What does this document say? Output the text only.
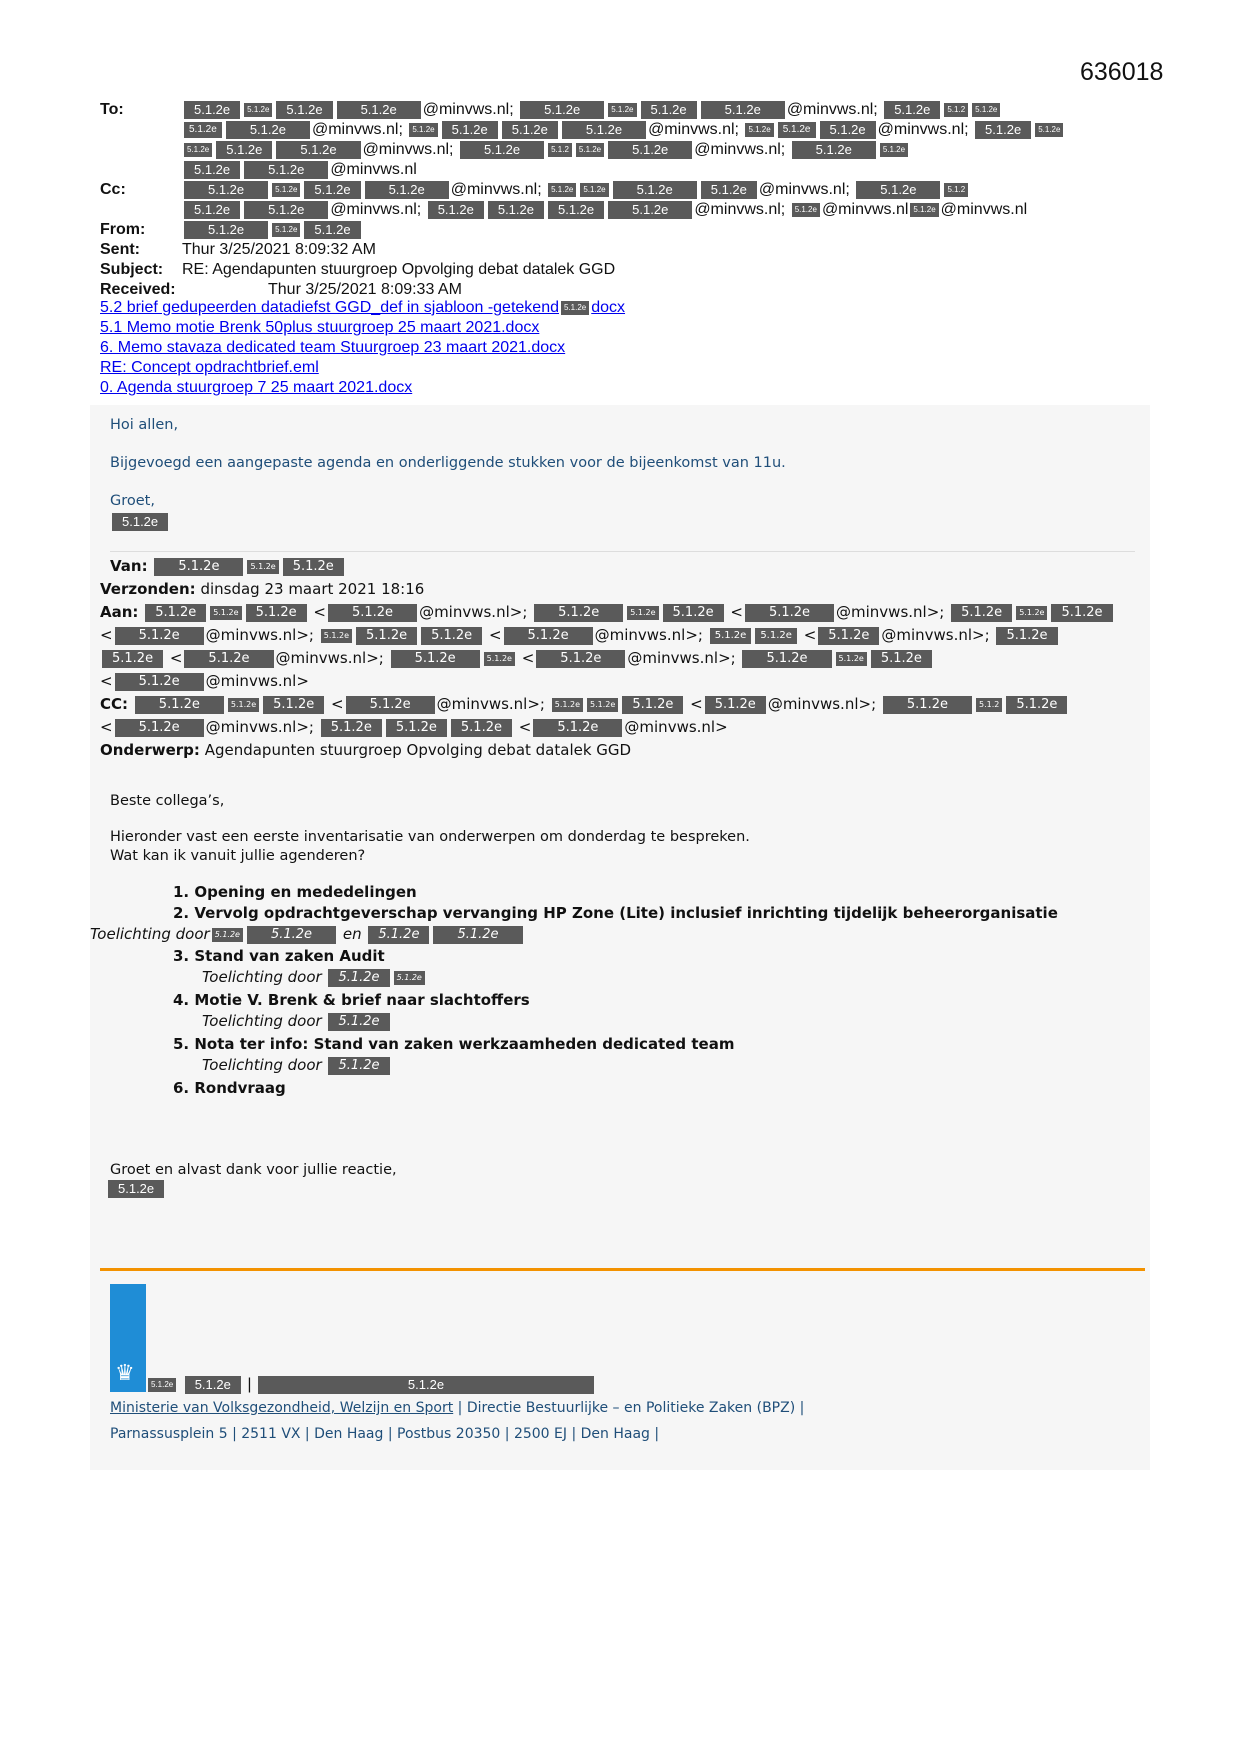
636018
To:	5.1.2e 5.1.2e 5.1.2e	5.1.2e @minvws.nl; 5.1.2e	5.1.2e 5.1.2e	5.1.2e @minvws.nl; 5.1.2e 5.1.2 5.1.2e
5.1.2e	5.1.2e @minvws.nl; 5.1.2e 5.1.2e 5.1.2e	5.1.2e @minvws.nl; 5.1.2e 5.1.2e 5.1.2e @minvws.nl; 5.1.2e 5.1.2e
5.1.2e 5.1.2e	5.1.2e @minvws.nl; 5.1.2e	5.1.2 5.1.2e 5.1.2e @minvws.nl; 5.1.2e	5.1.2e
5.1.2e	5.1.2e @minvws.nl
Cc:	5.1.2e	5.1.2e 5.1.2e	5.1.2e @minvws.nl; 5.1.2e 5.1.2e 5.1.2e	5.1.2e @minvws.nl; 5.1.2e	5.1.2
5.1.2e	5.1.2e @minvws.nl; 5.1.2e 5.1.2e 5.1.2e	5.1.2e @minvws.nl; 5.1.2e @minvws.nl 5.1.2e @minvws.nl
From:	5.1.2e	5.1.2e 5.1.2e
Sent:	Thur 3/25/2021 8:09:32 AM
Subject:	RE: Agendapunten stuurgroep Opvolging debat datalek GGD
Received:	Thur 3/25/2021 8:09:33 AM
5.2 brief gedupeerden datadiefst GGD_def in sjabloon -getekend 5.1.2e docx
5.1 Memo motie Brenk 50plus stuurgroep 25 maart 2021.docx
6. Memo stavaza dedicated team Stuurgroep 23 maart 2021.docx
RE: Concept opdrachtbrief.eml
0. Agenda stuurgroep 7 25 maart 2021.docx
Hoi allen,
Bijgevoegd een aangepaste agenda en onderliggende stukken voor de bijeenkomst van 11u.
Groet,
5.1.2e
Van: 5.1.2e	5.1.2e 5.1.2e
Verzonden: dinsdag 23 maart 2021 18:16
Aan: 5.1.2e 5.1.2e 5.1.2e < 5.1.2e @minvws.nl>; 5.1.2e	5.1.2e 5.1.2e < 5.1.2e @minvws.nl>; 5.1.2e 5.1.2e 5.1.2e
< 5.1.2e @minvws.nl>; 5.1.2e 5.1.2e 5.1.2e < 5.1.2e @minvws.nl>; 5.1.2e 5.1.2e < 5.1.2e @minvws.nl>; 5.1.2e
5.1.2e < 5.1.2e @minvws.nl>; 5.1.2e	5.1.2e < 5.1.2e @minvws.nl>; 5.1.2e	5.1.2e 5.1.2e
< 5.1.2e @minvws.nl>
CC: 5.1.2e	5.1.2e 5.1.2e < 5.1.2e @minvws.nl>; 5.1.2e 5.1.2e 5.1.2e < 5.1.2e @minvws.nl>; 5.1.2e	5.1.2 5.1.2e
< 5.1.2e @minvws.nl>; 5.1.2e 5.1.2e 5.1.2e < 5.1.2e @minvws.nl>
Onderwerp: Agendapunten stuurgroep Opvolging debat datalek GGD
Beste collega’s,
Hieronder vast een eerste inventarisatie van onderwerpen om donderdag te bespreken.
Wat kan ik vanuit jullie agenderen?
1. Opening en mededelingen
2. Vervolg opdrachtgeverschap vervanging HP Zone (Lite) inclusief inrichting tijdelijk beheerorganisatie
Toelichting door 5.1.2e 5.1.2e en 5.1.2e	5.1.2e
3. Stand van zaken Audit
Toelichting door 5.1.2e 5.1.2e
4. Motie V. Brenk & brief naar slachtoffers
Toelichting door 5.1.2e
5. Nota ter info: Stand van zaken werkzaamheden dedicated team
Toelichting door 5.1.2e
6. Rondvraag
Groet en alvast dank voor jullie reactie,
5.1.2e
♛	5.1.2e 5.1.2e |	5.1.2e
Ministerie van Volksgezondheid, Welzijn en Sport | Directie Bestuurlijke – en Politieke Zaken (BPZ) |
Parnassusplein 5 | 2511 VX | Den Haag | Postbus 20350 | 2500 EJ | Den Haag |
